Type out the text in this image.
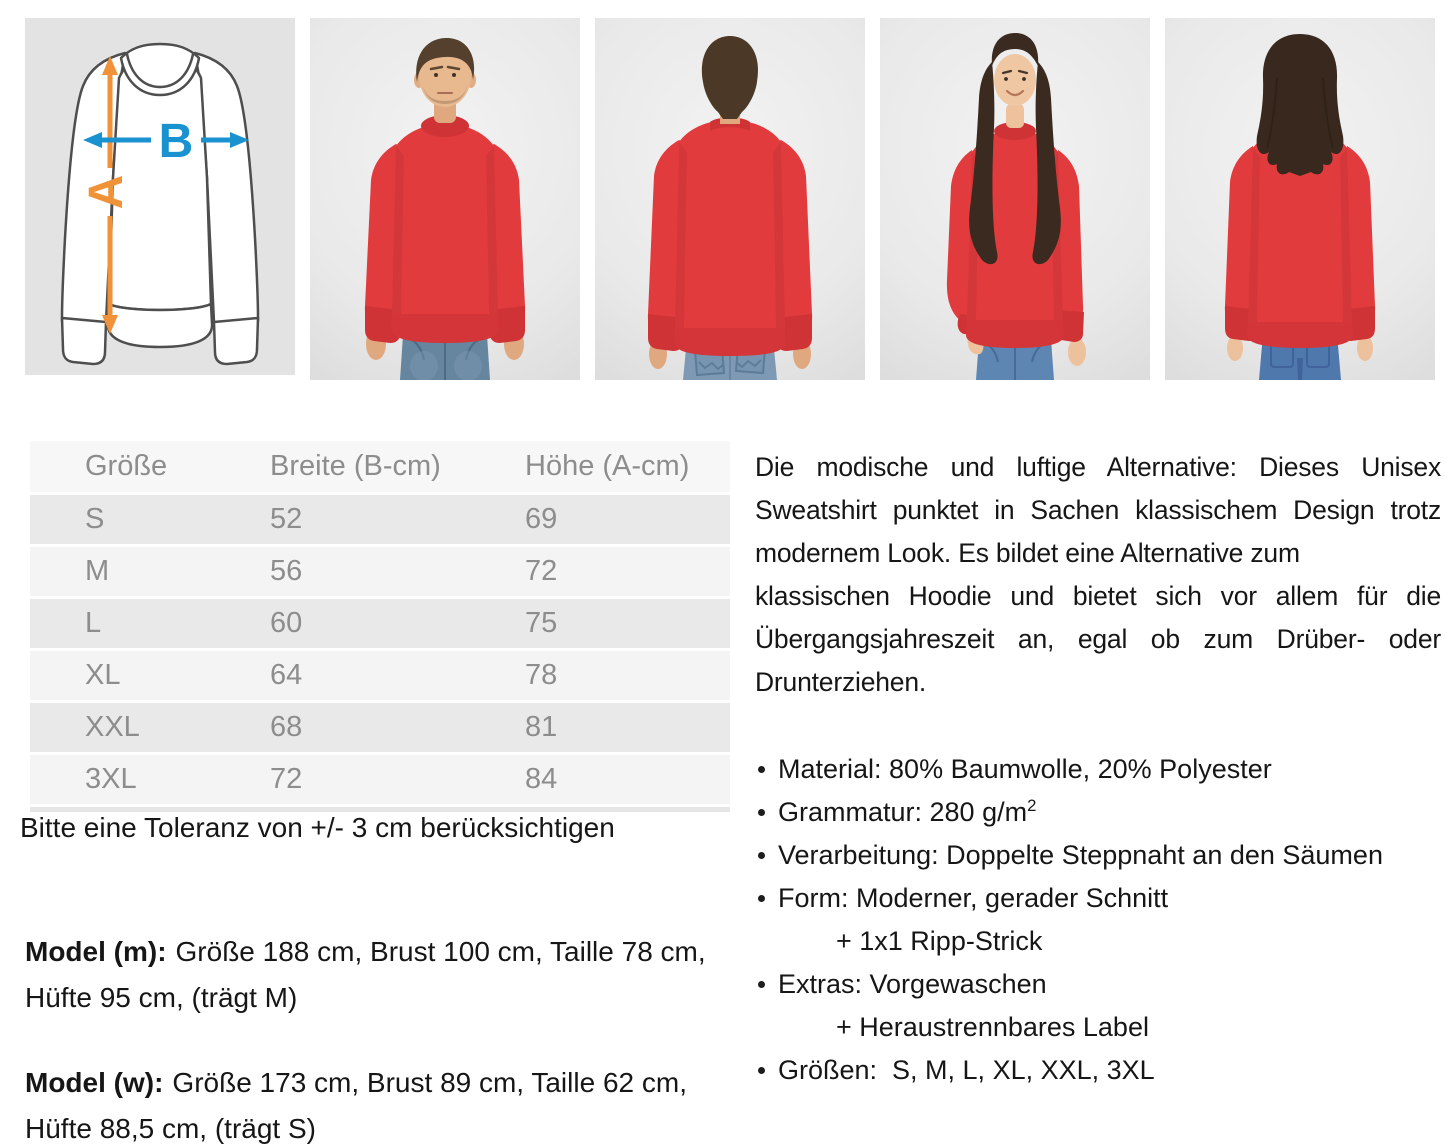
A
B
Größe	Breite (B-cm)	Höhe (A-cm)
S	52	69
M	56	72
L	60	75
XL	64	78
XXL	68	81
3XL	72	84
Bitte eine Toleranz von +/- 3 cm berücksichtigen

Model (m): Größe 188 cm, Brust 100 cm, Taille 78 cm, Hüfte 95 cm, (trägt M)

Model (w): Größe 173 cm, Brust 89 cm, Taille 62 cm, Hüfte 88,5 cm, (trägt S)

Die modische und luftige Alternative: Dieses Unisex Sweatshirt punktet in Sachen klassischem Design trotz modernem Look. Es bildet eine Alternative zum

klassischen Hoodie und bietet sich vor allem für die Übergangsjahreszeit an, egal ob zum Drüber- oder Drunterziehen.

Material: 80% Baumwolle, 20% Polyester
Grammatur: 280 $g/m^2$
Verarbeitung: Doppelte Steppnaht an den Säumen
Form: Moderner, gerader Schnitt
+ 1x1 Ripp-Strick
Extras: Vorgewaschen
+ Heraustrennbares Label
Größen:  S, M, L, XL, XXL, 3XL
